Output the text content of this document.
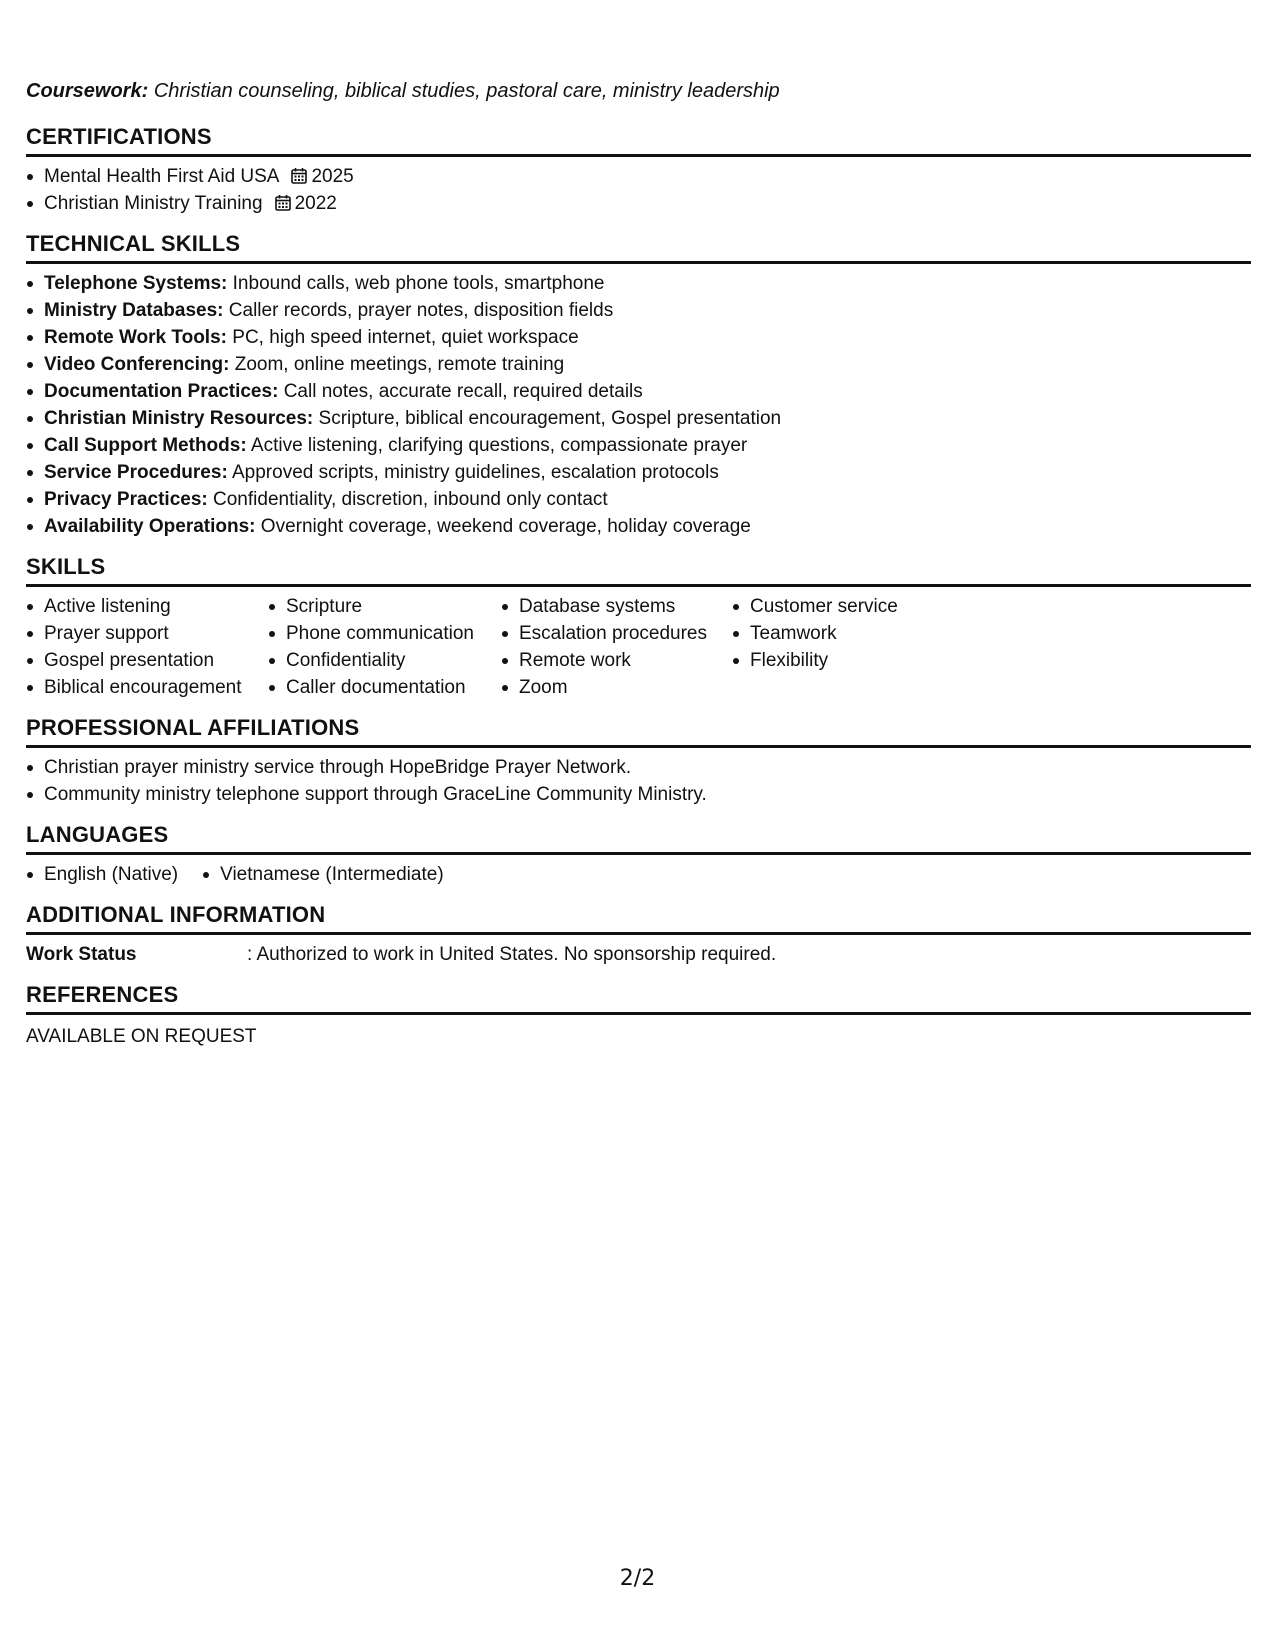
Coursework: Christian counseling, biblical studies, pastoral care, ministry leadership

CERTIFICATIONS
Mental Health First Aid USA 2025
Christian Ministry Training 2022
TECHNICAL SKILLS
Telephone Systems: Inbound calls, web phone tools, smartphone
Ministry Databases: Caller records, prayer notes, disposition fields
Remote Work Tools: PC, high speed internet, quiet workspace
Video Conferencing: Zoom, online meetings, remote training
Documentation Practices: Call notes, accurate recall, required details
Christian Ministry Resources: Scripture, biblical encouragement, Gospel presentation
Call Support Methods: Active listening, clarifying questions, compassionate prayer
Service Procedures: Approved scripts, ministry guidelines, escalation protocols
Privacy Practices: Confidentiality, discretion, inbound only contact
Availability Operations: Overnight coverage, weekend coverage, holiday coverage
SKILLS
Active listening
Prayer support
Gospel presentation
Biblical encouragement
Scripture
Phone communication
Confidentiality
Caller documentation
Database systems
Escalation procedures
Remote work
Zoom
Customer service
Teamwork
Flexibility
PROFESSIONAL AFFILIATIONS
Christian prayer ministry service through HopeBridge Prayer Network.
Community ministry telephone support through GraceLine Community Ministry.
LANGUAGES
English (Native)	Vietnamese (Intermediate)
ADDITIONAL INFORMATION
Work Status	: Authorized to work in United States. No sponsorship required.
REFERENCES
AVAILABLE ON REQUEST
2/2
